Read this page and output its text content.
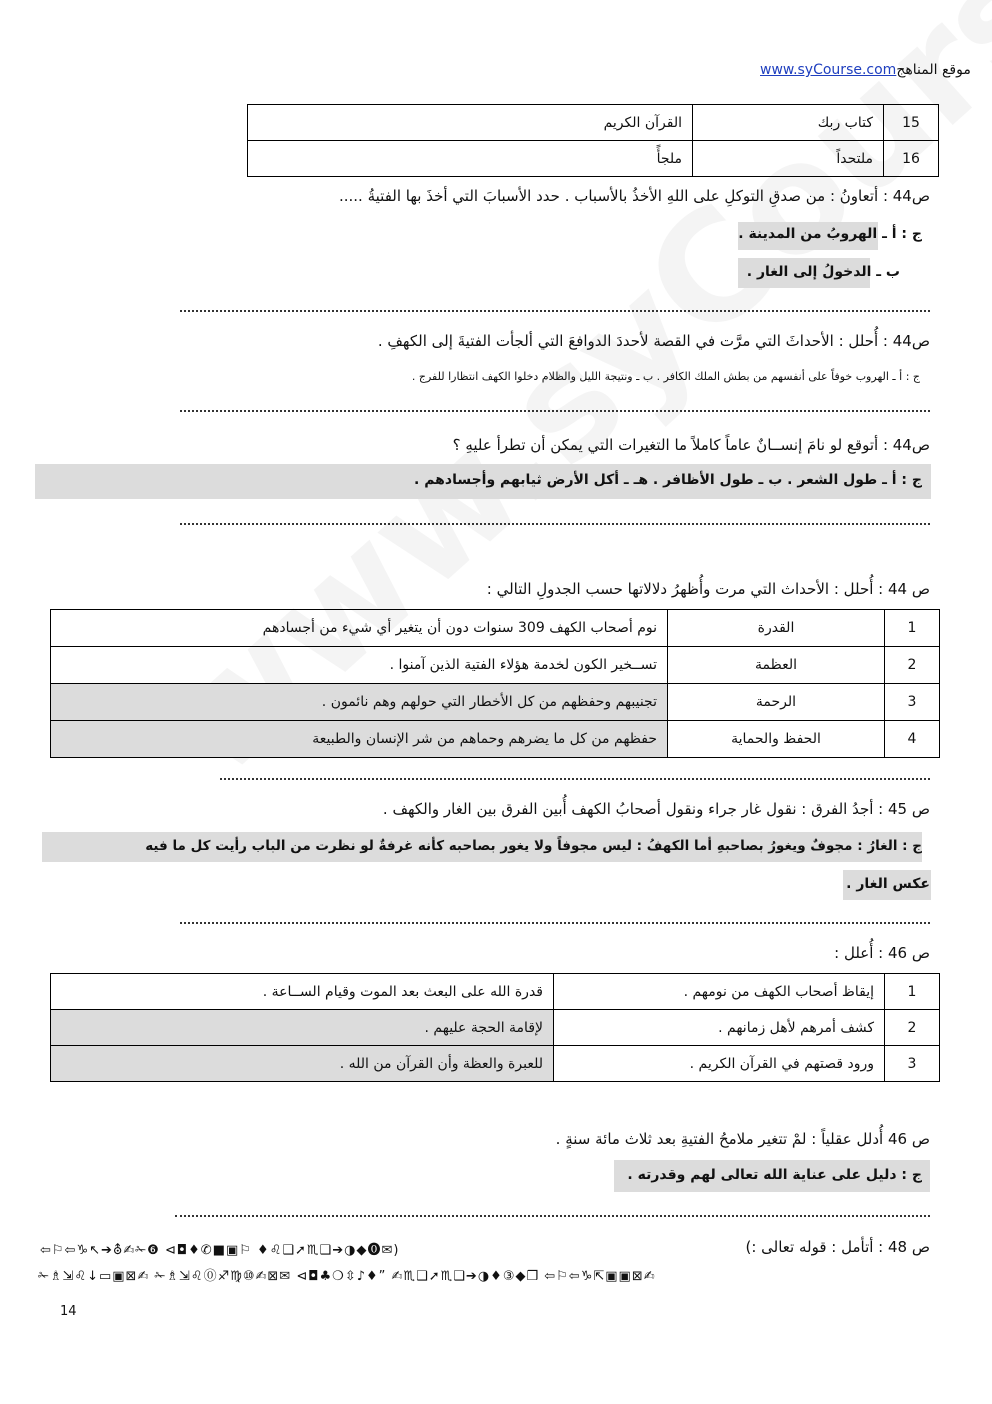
www.syCourse.comموقع المناهج
15	كتاب ربك	القرآن الكريم
16	ملتحداً	ملجأً
ص44 : أتعاونُ : من صدقِ التوكلِ على اللهِ الأخذُ بالأسباب . حدد الأسبابَ التي أخذَ بها الفتيةُ .....
ج : أ ـ الهروبُ من المدينة .
ب ـ الدخولُ إلى الغار .
ص44 : أُحلل : الأحداثَ التي مرَّت في القصة لأحددَ الدوافعَ التي ألجأت الفتيةَ إلى الكهفِ .
ج : أ ـ الهروب خوفاً على أنفسهم من بطش الملك الكافر . ب ـ ونتيجة الليل والظلام دخلوا الكهف انتظارا للفرج .
ص44 : أتوقع لو نامَ إنســانٌ عاماً كاملاً ما التغيرات التي يمكن أن تطرأ عليهِ ؟
ج : أ ـ طول الشعر . ب ـ طول الأظافر . هـ ـ أكل الأرض ثيابهم وأجسادهم .
ص 44 : أُحلل : الأحداث التي مرت وأُظهرُ دلالاتها حسب الجدولِ التالي :
1	القدرة	نوم أصحاب الكهف 309 سنوات دون أن يتغير أي شيء من أجسادهم
2	العظمة	تســخير الكون لخدمة هؤلاء الفتية الذين آمنوا .
3	الرحمة	تجنيبهم وحفظهم من كل الأخطار التي حولهم وهم نائمون .
4	الحفظ والحماية	حفظهم من كل ما يضرهم وحماهم من شر الإنسان والطبيعة
ص 45 : أجدُ الفرق : نقول غار جراء ونقول أصحابُ الكهف أُبين الفرق بين الغار والكهف .
ج : الغارُ : مجوفٌ ويغورُ بصاحبهِ أما الكهفُ : ليس مجوفاً ولا يغور بصاحبه كأنه غرفةٌ لو نظرت من الباب رأيت كل ما فيه
عكس الغار .
ص 46 : أُعلل :
1	إيقاظ أصحاب الكهف من نومهم .	قدرة الله على البعث بعد الموت وقيام الســاعة .
2	كشف أمرهم لأهل زمانهم .	لإقامة الحجة عليهم .
3	ورود قصتهم في القرآن الكريم .	للعبرة والعظة وأن القرآن من الله .
ص 46 أُدلل عقلياً : لمْ تتغير ملامحُ الفتيةِ بعد ثلاث مائة سنةٍ .
ج : دليل على عناية الله تعالى لهم وقدرته .
ص 48 : أتأمل : قوله تعالى :)
⇦⚐⇦♑↖➔⛢✍✁❻ ⊲◘♦✆■▣⚐ ♦♌❑➚♏❑➔◑◆⓿✉)
✁♗⇲♌↓▭▣⊠✍ ✁♗⇲♌⓪♐♍⑩✍⊠✉ ⊲◘♣❍⇳♪♦” ✍♏❑➚♏❑➔◑♦③◆❒ ⇦⚐⇦♑⇱▣▣⊠✍
14
